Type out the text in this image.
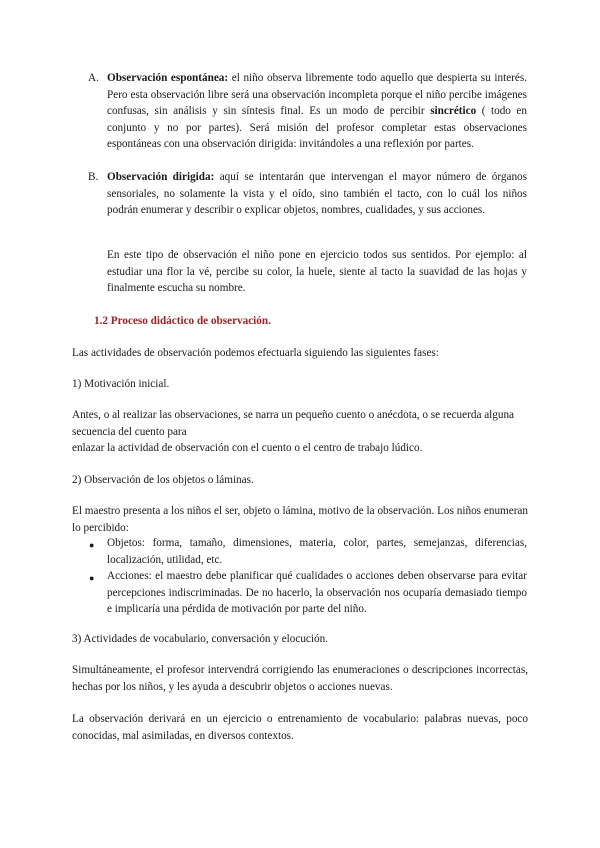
A. Observación espontánea: el niño observa libremente todo aquello que despierta su interés. Pero esta observación libre será una observación incompleta porque el niño percibe imágenes confusas, sin análisis y sin síntesis final. Es un modo de percibir sincrético ( todo en conjunto y no por partes). Será misión del profesor completar estas observaciones espontáneas con una observación dirigida: invitándoles a una reflexión por partes.

B. Observación dirigida: aquí se intentarán que intervengan el mayor número de órganos sensoriales, no solamente la vista y el oído, sino también el tacto, con lo cuál los niños podrán enumerar y describir o explicar objetos, nombres, cualidades, y sus acciones.

En este tipo de observación el niño pone en ejercicio todos sus sentidos. Por ejemplo: al estudiar una flor la vé, percibe su color, la huele, siente al tacto la suavidad de las hojas y finalmente escucha su nombre.

1.2 Proceso didáctico de observación.

Las actividades de observación podemos efectuarla siguiendo las siguientes fases:

1) Motivación inicial.

Antes, o al realizar las observaciones, se narra un pequeño cuento o anécdota, o se recuerda alguna secuencia del cuento para

enlazar la actividad de observación con el cuento o el centro de trabajo lúdico.

2) Observación de los objetos o láminas.

El maestro presenta a los niños el ser, objeto o lámina, motivo de la observación. Los niños enumeran lo percibido:

● Objetos: forma, tamaño, dimensiones, materia, color, partes, semejanzas, diferencias, localización, utilidad, etc.

● Acciones: el maestro debe planificar qué cualidades o acciones deben observarse para evitar percepciones indiscriminadas. De no hacerlo, la observación nos ocuparía demasiado tiempo e implicaría una pérdida de motivación por parte del niño.

3) Actividades de vocabulario, conversación y elocución.

Simultáneamente, el profesor intervendrá corrigiendo las enumeraciones o descripciones incorrectas, hechas por los niños, y les ayuda a descubrir objetos o acciones nuevas.

La observación derivará en un ejercicio o entrenamiento de vocabulario: palabras nuevas, poco conocidas, mal asimiladas, en diversos contextos.
